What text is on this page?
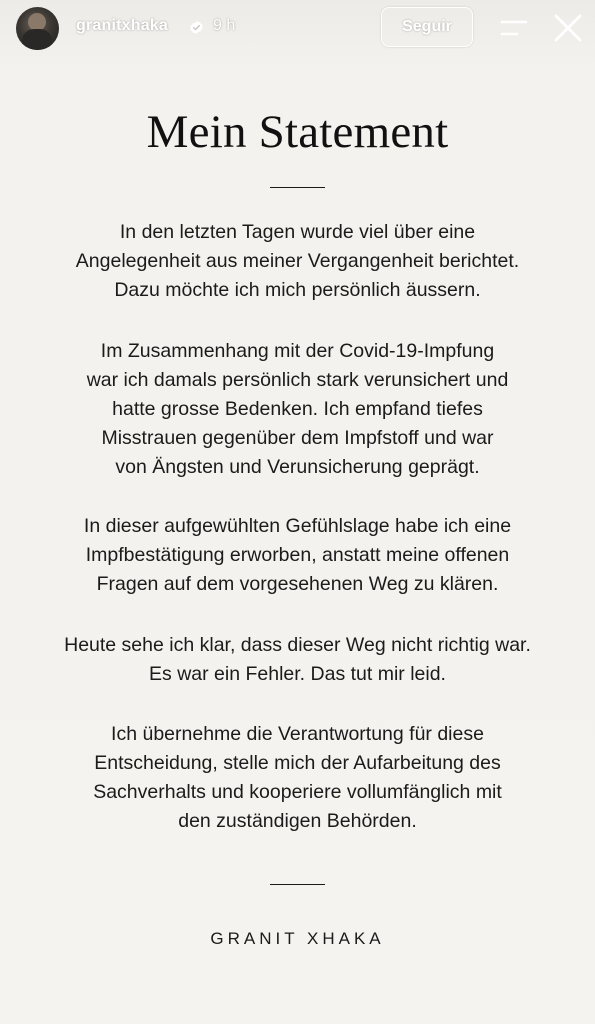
granitxhaka	9 h	Seguir
Mein Statement
In den letzten Tagen wurde viel über eine
Angelegenheit aus meiner Vergangenheit berichtet.
Dazu möchte ich mich persönlich äussern.
Im Zusammenhang mit der Covid-19-Impfung
war ich damals persönlich stark verunsichert und
hatte grosse Bedenken. Ich empfand tiefes
Misstrauen gegenüber dem Impfstoff und war
von Ängsten und Verunsicherung geprägt.
In dieser aufgewühlten Gefühlslage habe ich eine
Impfbestätigung erworben, anstatt meine offenen
Fragen auf dem vorgesehenen Weg zu klären.
Heute sehe ich klar, dass dieser Weg nicht richtig war.
Es war ein Fehler. Das tut mir leid.
Ich übernehme die Verantwortung für diese
Entscheidung, stelle mich der Aufarbeitung des
Sachverhalts und kooperiere vollumfänglich mit
den zuständigen Behörden.
GRANIT XHAKA
